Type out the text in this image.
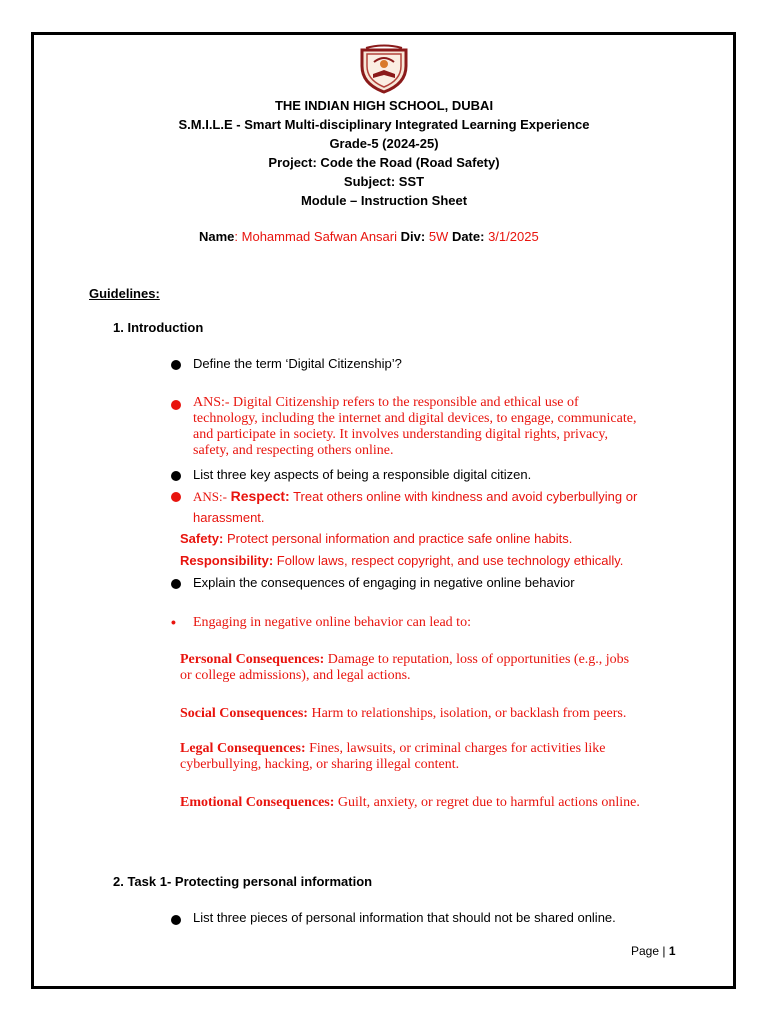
THE INDIAN HIGH SCHOOL, DUBAI
S.M.I.L.E - Smart Multi-disciplinary Integrated Learning Experience
Grade-5 (2024-25)
Project: Code the Road (Road Safety)
Subject: SST
Module – Instruction Sheet
Name: Mohammad Safwan Ansari Div: 5W Date: 3/1/2025
Guidelines:
1. Introduction
Define the term ‘Digital Citizenship’?
ANS:- Digital Citizenship refers to the responsible and ethical use of
technology, including the internet and digital devices, to engage, communicate,
and participate in society. It involves understanding digital rights, privacy,
safety, and respecting others online.
List three key aspects of being a responsible digital citizen.
ANS:- Respect: Treat others online with kindness and avoid cyberbullying or
harassment.
Safety: Protect personal information and practice safe online habits.
Responsibility: Follow laws, respect copyright, and use technology ethically.
Explain the consequences of engaging in negative online behavior
• Engaging in negative online behavior can lead to:
Personal Consequences: Damage to reputation, loss of opportunities (e.g., jobs
or college admissions), and legal actions.
Social Consequences: Harm to relationships, isolation, or backlash from peers.
Legal Consequences: Fines, lawsuits, or criminal charges for activities like
cyberbullying, hacking, or sharing illegal content.
Emotional Consequences: Guilt, anxiety, or regret due to harmful actions online.
2. Task 1- Protecting personal information
List three pieces of personal information that should not be shared online.
Page | 1
